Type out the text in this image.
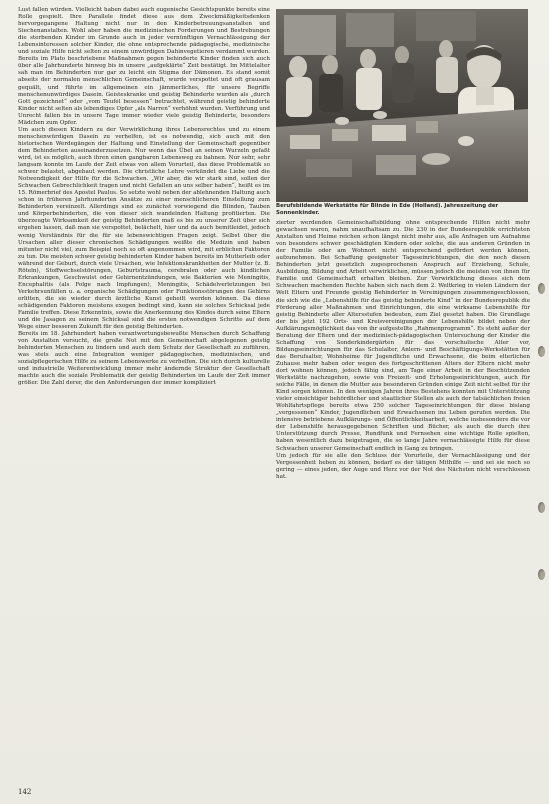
Lust fallen würden. Vielleicht haben dabei auch eugenische Gesichtspunkte bereits eine Rolle gespielt. Ihre Parallele findet diese aus dem Zweckmäßigkeitsdenken hervorgegangene Haltung nicht nur in den Kinderbetreuungsanstalten und Siechenanstalten. Wohl aber haben die medizinischen Forderungen und Bestrebungen die sterbenden Kinder im Grunde auch in jeder vernünftigen Vernachlässigung der Lebensinteressen solcher Kinder, die ohne entsprechende pädagogische, medizinische und soziale Hilfe nicht selten zu einem unwürdigen Dahinvegetieren verdammt wurden. Bereits im Plato beschriebene Maßnahmen gegen behinderte Kinder finden sich auch über alle Jahrhunderte hinweg bis in unsere „aufgeklärte“ Zeit bestätigt. Im Mittelalter sah man im Behinderten nur gar zu leicht ein Stigma der Dämonen. Es stand somit abseits der normalen menschlichen Gemeinschaft, wurde verspottet und oft grausam gequält, und führte im allgemeinen ein jämmerliches, für unsere Begriffe menschenunwürdiges Dasein. Geisteskranke und geistig Behinderte wurden als „durch Gott gezeichnet“ oder „vom Teufel besessen“ betrachtet, während geistig behinderte Kinder nicht selten als lebendiges Opfer „als Narren“ verhöhnt wurden. Verführung und Unrecht fallen bis in unsere Tage immer wieder viele geistig Behinderte, besonders Mädchen zum Opfer.

Um auch diesen Kindern zu der Verwirklichung ihres Lebensrechtes und zu einem menschenwürdigen Dasein zu verhelfen, ist es notwendig, sich auch mit den historischen Werdegängen der Haltung und Einstellung der Gemeinschaft gegenüber dem Behinderten auseinanderzusetzen. Nur wenn das Übel an seinen Wurzeln gefaßt wird, ist es möglich, auch ihren einen gangbaren Lebensweg zu bahnen. Nur sehr, sehr langsam konnte im Laufe der Zeit etwas von allem Vorurteil, das diese Problematik so schwer belastet, abgebaut werden. Die christliche Lehre verkündet die Liebe und die Notwendigkeit der Hilfe für die Schwachen. „Wir aber, die wir stark sind, sollen der Schwachen Gebrechlichkeit tragen und nicht Gefallen an uns selber haben“, heißt es im 15. Römerbrief des Apostel Paulus. So setzte wohl neben der ablehnenden Haltung auch schon in früheren Jahrhunderten Ansätze zu einer menschlicheren Einstellung zum Behinderten vereinzelt. Allerdings sind es zunächst vorwiegend die Blinden, Tauben und Körperbehinderten, die von dieser sich wandelnden Haltung profitierten. Die überzeugte Wirksamkeit der geistig Behinderten maß es bis zu unserer Zeit über sich ergehen lassen, daß man sie verspottet, belächelt, hier und da auch bemitleidet, jedoch wenig Verständnis für die für sie lebenswichtigen Fragen zeigt. Selbst über die Ursachen aller dieser chronischen Schädigungen weißte die Medizin und haben mitunter nicht viel, zum Beispiel noch so oft angenommen wird, mit erblichen Faktoren zu tun. Die meisten schwer geistig behinderten Kinder haben bereits im Mutterleib oder während der Geburt, durch viele Ursachen, wie Infektionskrankheiten der Mutter (z. B. Röteln), Stoffwechselstörungen, Geburtstrauma, cerebralen oder auch kindlichen Erkrankungen, Geschwulst oder Gehirnentzündungen, wie Bakterien wie Meningitis, Encephalitis (als Folge nach Impfungen), Meningitis, Schädelverletzungen bei Verkehrsunfällen u. a. organische Schädigungen oder Funktionsstörungen des Gehirns erlitten, die sie wieder durch ärztliche Kunst geheilt werden können. Da diese schädigenden Faktoren meistens exogen bedingt sind, kann sie solches Schicksal jede Familie treffen. Diese Erkenntnis, sowie die Anerkennung des Kindes durch seine Eltern und die Jasagen zu seinem Schicksal sind die ersten notwendigen Schritte auf dem Wege einer besseren Zukunft für den geistig Behinderten.

Bereits im 18. Jahrhundert haben verantwortungsbewußte Menschen durch Schaffung von Anstalten versucht, die große Not mit den Gemeinschaft abgelegenen geistig behinderten Menschen zu lindern und auch dem Schutz der Gesellschaft zu zuführen, was stets auch eine Integration weniger pädagogischen, medizinischen, und sozialpflegerischen Hilfe zu seinem Lebenswerke zu verhelfen. Die sich durch kulturelle und industrielle Weiterentwicklung immer mehr ändernde Struktur der Gesellschaft machte auch die soziale Problematik der geistig Behinderten im Laufe der Zeit immer größer. Die Zahl derer, die den Anforderungen der immer kompliziert

Berufsbildende Werkstätte für Blinde in Ede (Holland). Jahreszeitung der Sonnenkinder.

zierter werdenden Gemeinschaftsbildung ohne entsprechende Hilfen nicht mehr gewachsen waren, nahm unaufhaltsam zu. Die 230 in der Bundesrepublik errichteten Anstalten und Heime reichen schon längst nicht mehr aus, alle Anfragen um Aufnahme von besonders schwer geschädigten Kindern oder solche, die aus anderen Gründen in der Familie oder am Wohnort nicht entsprechend gefördert werden können, aufzunehmen. Bei Schaffung geeigneter Tageseinrichtungen, die den noch diesen Behinderten jetzt gesetzlich zugesprochenen Anspruch auf Erziehung, Schule, Ausbildung, Bildung und Arbeit verwirklichen, müssen jedoch die meisten von ihnen für Familie und Gemeinschaft erhalten bleiben. Zur Verwirklichung dieses sich dem Schwachen machenden Rechte haben sich nach dem 2. Weltkrieg in vielen Ländern der Welt Eltern und Freunde geistig Behinderter in Vereinigungen zusammengeschlossen, die sich wie die „Lebenshilfe für das geistig behinderte Kind“ in der Bundesrepublik die Förderung aller Maßnahmen und Einrichtungen, die eine wirksame Lebenshilfe für geistig Behinderte aller Altersstufen bedeuten, zum Ziel gesetzt haben. Die Grundlage der bis jetzt 192 Orts- und Kreisvereinigungen der Lebenshilfe bildet neben der Aufklärungsmöglichkeit das von ihr aufgestellte „Rahmenprogramm“. Es steht außer der Beratung der Eltern und der medizinisch-pädagogischen Untersuchung der Kinder die Schaffung von Sonderkindergärten für das vorschulische Alter vor, Bildungseinrichtungen für das Schulalter, Anlern- und Beschäftigungs-Werkstätten für das Berufsalter, Wohnheime für Jugendliche und Erwachsene, die beim elterlichen Zuhause mehr haben oder wegen des fortgeschrittenen Alters der Eltern nicht mehr dort wohnen können, jedoch fähig sind, am Tage einer Arbeit in der Beschützenden Werkstätte nachzugehen, sowie von Freizeit- und Erholungseinrichtungen, auch für solche Fälle, in denen die Mutter aus besonderen Gründen einige Zeit nicht selbst für ihr Kind sorgen können. In den wenigen Jahren ihres Bestehens konnten mit Unterstützung vieler einsichtiger behördlicher und staatlicher Stellen als auch der tatsächlichen freien Wohlfahrtspflege bereits etwa 250 solcher Tageseinrichtungen für diese bislang „vergessenen“ Kinder, Jugendlichen und Erwachsenen ins Leben gerufen werden. Die intensive betriebene Aufklärungs- und Öffentlichkeitsarbeit, welche insbesondere die vor der Lebenshilfe herausgegebenen Schriften und Bücher, als auch die durch ihre Unterstützung durch Presse, Rundfunk und Fernsehen eine wichtige Rolle spielten, haben wesentlich dazu beigetragen, die so lange Jahre vernachlässigte Hilfe für diese Schwachen unserer Gemeinschaft endlich in Gang zu bringen.

Um jedoch für sie alle den Schluss der Vorurteile, der Vernachlässigung und der Vergessenheit heben zu können, bedarf es der tätigen Mithilfe — und sei sie noch so gering — eines jeden, der Auge und Herz vor der Not des Nächsten nicht verschlossen hat.

142
